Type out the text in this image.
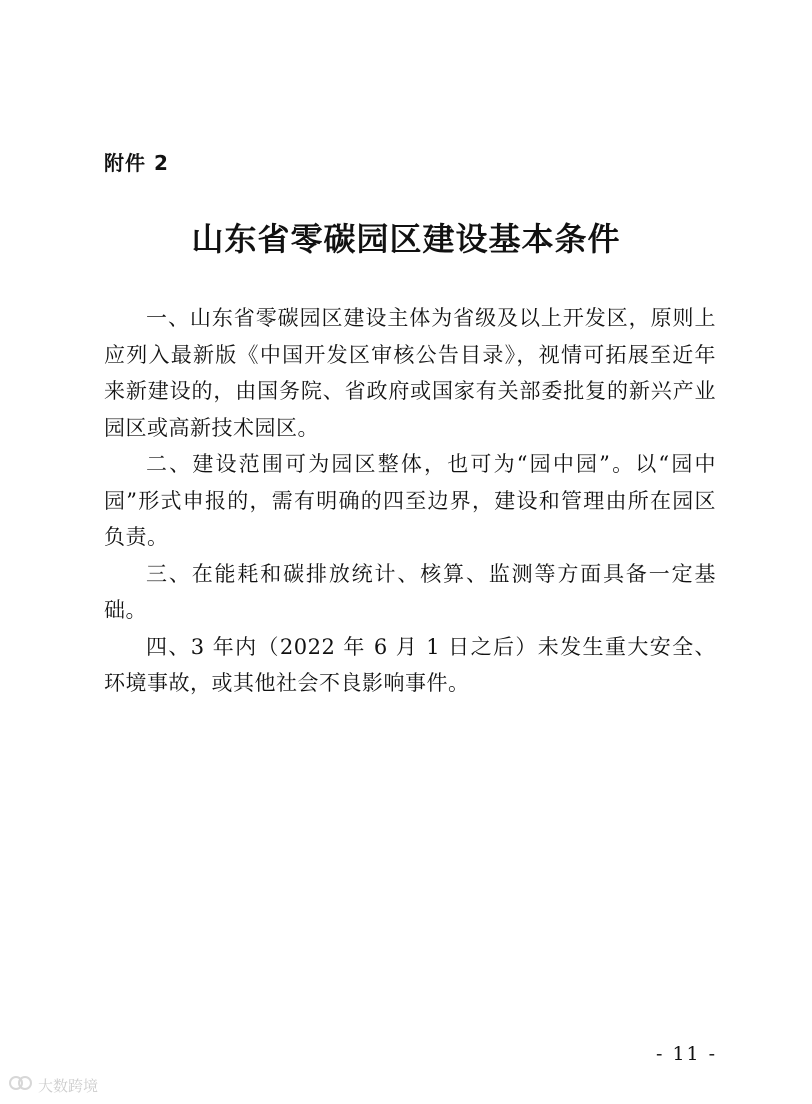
附件 2
山东省零碳园区建设基本条件

一、山东省零碳园区建设主体为省级及以上开发区，原则上应列入最新版《中国开发区审核公告目录》，视情可拓展至近年来新建设的，由国务院、省政府或国家有关部委批复的新兴产业园区或高新技术园区。

二、建设范围可为园区整体，也可为“园中园”。以“园中园”形式申报的，需有明确的四至边界，建设和管理由所在园区负责。

三、在能耗和碳排放统计、核算、监测等方面具备一定基础。

四、3 年内（2022 年 6 月 1 日之后）未发生重大安全、环境事故，或其他社会不良影响事件。

- 11 -
大数跨境
